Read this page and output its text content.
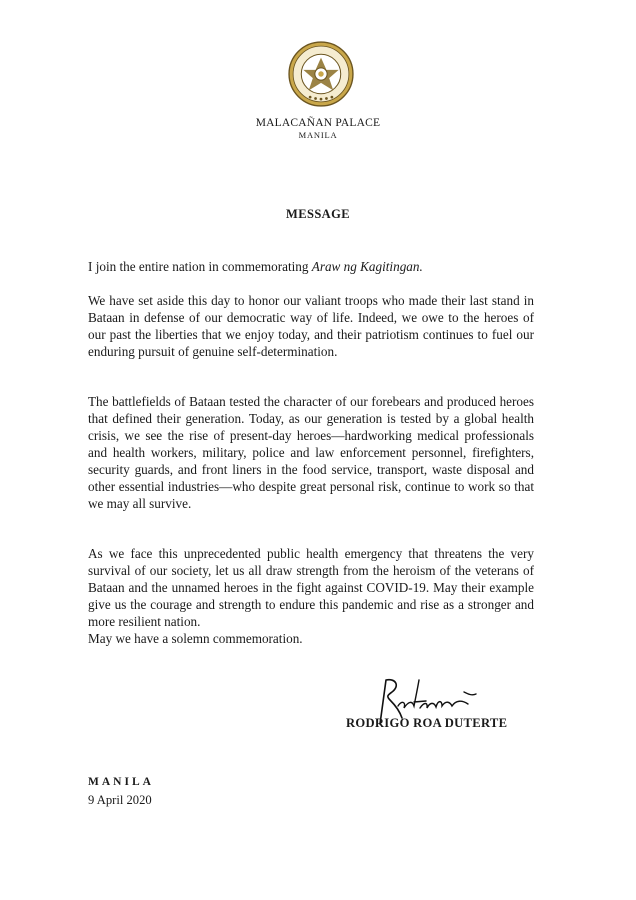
MALACAÑAN PALACE
MANILA
MESSAGE

I join the entire nation in commemorating Araw ng Kagitingan.

We have set aside this day to honor our valiant troops who made their last stand in Bataan in defense of our democratic way of life. Indeed, we owe to the heroes of our past the liberties that we enjoy today, and their patriotism continues to fuel our enduring pursuit of genuine self-determination.

The battlefields of Bataan tested the character of our forebears and produced heroes that defined their generation. Today, as our generation is tested by a global health crisis, we see the rise of present-day heroes—hardworking medical professionals and health workers, military, police and law enforcement personnel, firefighters, security guards, and front liners in the food service, transport, waste disposal and other essential industries—who despite great personal risk, continue to work so that we may all survive.

As we face this unprecedented public health emergency that threatens the very survival of our society, let us all draw strength from the heroism of the veterans of Bataan and the unnamed heroes in the fight against COVID-19. May their example give us the courage and strength to endure this pandemic and rise as a stronger and more resilient nation.

May we have a solemn commemoration.

RODRIGO ROA DUTERTE
MANILA
9 April 2020
